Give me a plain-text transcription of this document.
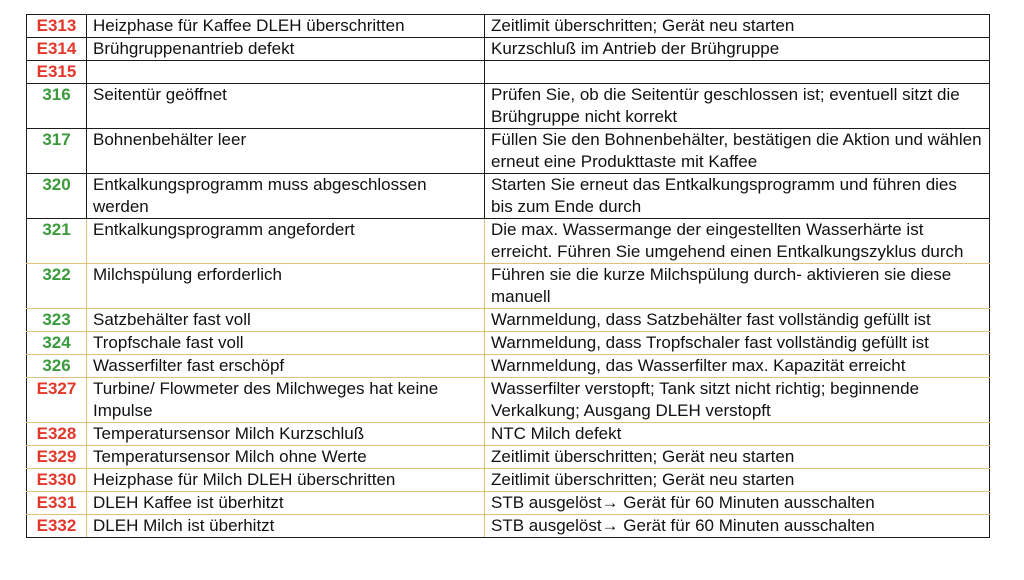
E313	Heizphase für Kaffee DLEH überschritten	Zeitlimit überschritten; Gerät neu starten
E314	Brühgruppenantrieb defekt	Kurzschluß im Antrieb der Brühgruppe
E315		
316	Seitentür geöffnet	Prüfen Sie, ob die Seitentür geschlossen ist; eventuell sitzt die Brühgruppe nicht korrekt
317	Bohnenbehälter leer	Füllen Sie den Bohnenbehälter, bestätigen die Aktion und wählen erneut eine Produkttaste mit Kaffee
320	Entkalkungsprogramm muss abgeschlossen werden	Starten Sie erneut das Entkalkungsprogramm und führen dies bis zum Ende durch
321	Entkalkungsprogramm angefordert	Die max. Wassermange der eingestellten Wasserhärte ist erreicht. Führen Sie umgehend einen Entkalkungszyklus durch
322	Milchspülung erforderlich	Führen sie die kurze Milchspülung durch- aktivieren sie diese manuell
323	Satzbehälter fast voll	Warnmeldung, dass Satzbehälter fast vollständig gefüllt ist
324	Tropfschale fast voll	Warnmeldung, dass Tropfschaler fast vollständig gefüllt ist
326	Wasserfilter fast erschöpf	Warnmeldung, das Wasserfilter max. Kapazität erreicht
E327	Turbine/ Flowmeter des Milchweges hat keine Impulse	Wasserfilter verstopft; Tank sitzt nicht richtig; beginnende Verkalkung; Ausgang DLEH verstopft
E328	Temperatursensor Milch Kurzschluß	NTC Milch defekt
E329	Temperatursensor Milch ohne Werte	Zeitlimit überschritten; Gerät neu starten
E330	Heizphase für Milch DLEH überschritten	Zeitlimit überschritten; Gerät neu starten
E331	DLEH Kaffee ist überhitzt	STB ausgelöst→ Gerät für 60 Minuten ausschalten
E332	DLEH Milch ist überhitzt	STB ausgelöst→ Gerät für 60 Minuten ausschalten
